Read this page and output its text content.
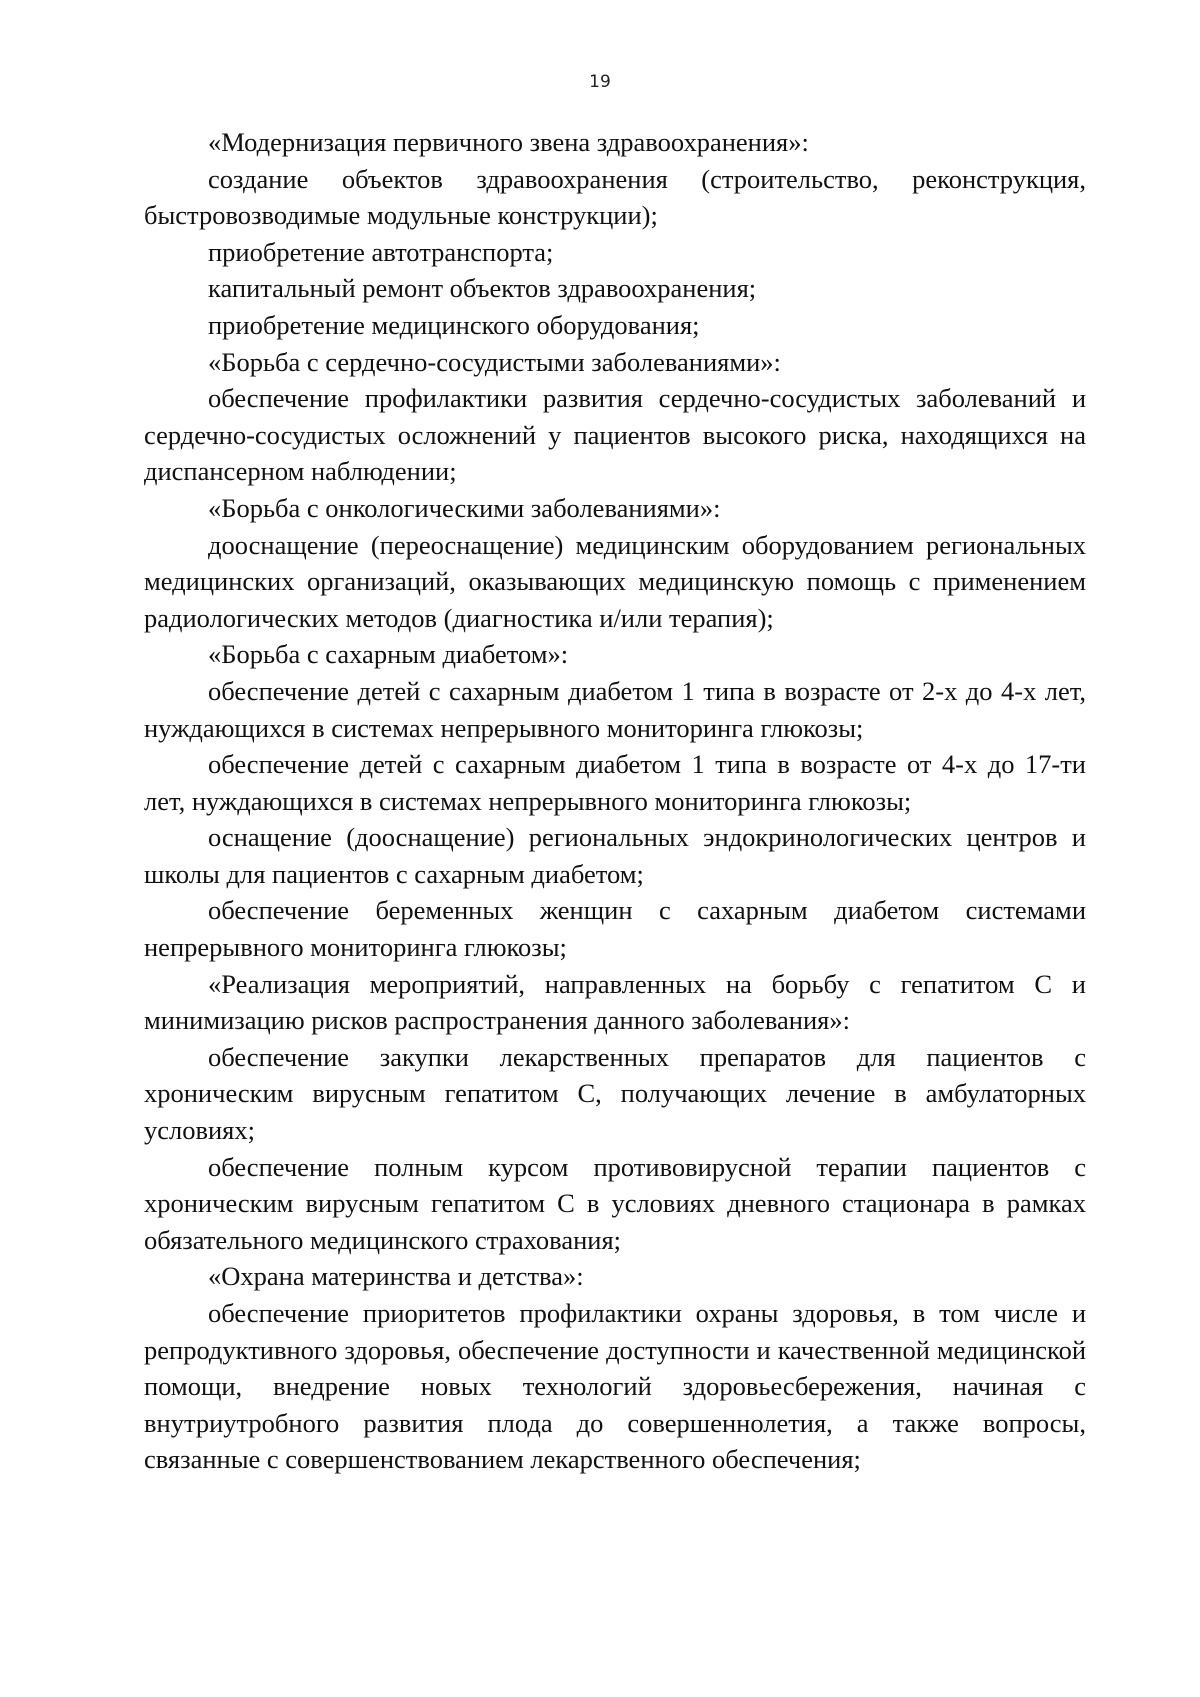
19

«Модернизация первичного звена здравоохранения»:

создание объектов здравоохранения (строительство, реконструкция, быстровозводимые модульные конструкции);

приобретение автотранспорта;

капитальный ремонт объектов здравоохранения;

приобретение медицинского оборудования;

«Борьба с сердечно-сосудистыми заболеваниями»:

обеспечение профилактики развития сердечно-сосудистых заболеваний и сердечно-сосудистых осложнений у пациентов высокого риска, находящихся на диспансерном наблюдении;

«Борьба с онкологическими заболеваниями»:

дооснащение (переоснащение) медицинским оборудованием региональных медицинских организаций, оказывающих медицинскую помощь с применением радиологических методов (диагностика и/или терапия);

«Борьба с сахарным диабетом»:

обеспечение детей с сахарным диабетом 1 типа в возрасте от 2-х до 4-х лет, нуждающихся в системах непрерывного мониторинга глюкозы;

обеспечение детей с сахарным диабетом 1 типа в возрасте от 4-х до 17-ти лет, нуждающихся в системах непрерывного мониторинга глюкозы;

оснащение (дооснащение) региональных эндокринологических центров и школы для пациентов с сахарным диабетом;

обеспечение беременных женщин с сахарным диабетом системами непрерывного мониторинга глюкозы;

«Реализация мероприятий, направленных на борьбу с гепатитом С и минимизацию рисков распространения данного заболевания»:

обеспечение закупки лекарственных препаратов для пациентов с хроническим вирусным гепатитом С, получающих лечение в амбулаторных условиях;

обеспечение полным курсом противовирусной терапии пациентов с хроническим вирусным гепатитом С в условиях дневного стационара в рамках обязательного медицинского страхования;

«Охрана материнства и детства»:

обеспечение приоритетов профилактики охраны здоровья, в том числе и репродуктивного здоровья, обеспечение доступности и качественной медицинской помощи, внедрение новых технологий здоровьесбережения, начиная с внутриутробного развития плода до совершеннолетия, а также вопросы, связанные с совершенствованием лекарственного обеспечения;
